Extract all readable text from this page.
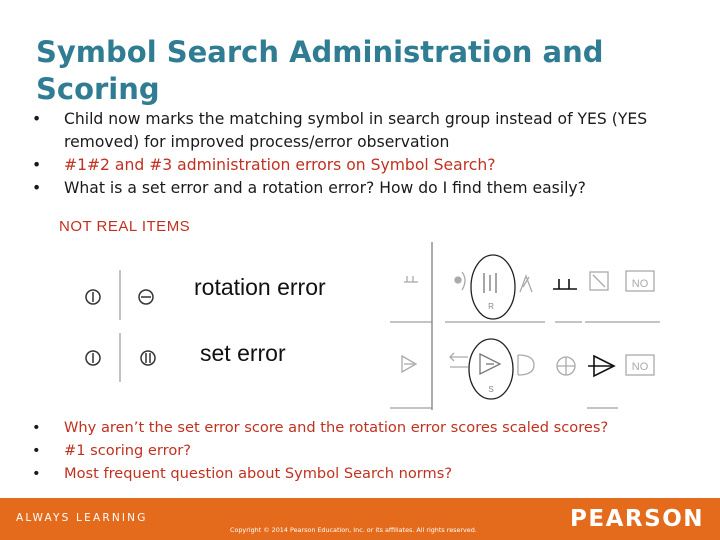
Symbol Search Administration and Scoring
• Child now marks the matching symbol in search group instead of YES (YES removed) for improved process/error observation
• #1#2 and #3 administration errors on Symbol Search?
• What is a set error and a rotation error? How do I find them easily?
NOT REAL ITEMS
NO
NO
R
S
rotation error
set error
• Why aren’t the set error score and the rotation error scores scaled scores?
• #1 scoring error?
• Most frequent question about Symbol Search norms?
ALWAYS LEARNING
Copyright © 2014 Pearson Education, Inc. or its affiliates. All rights reserved.	PEARSON
